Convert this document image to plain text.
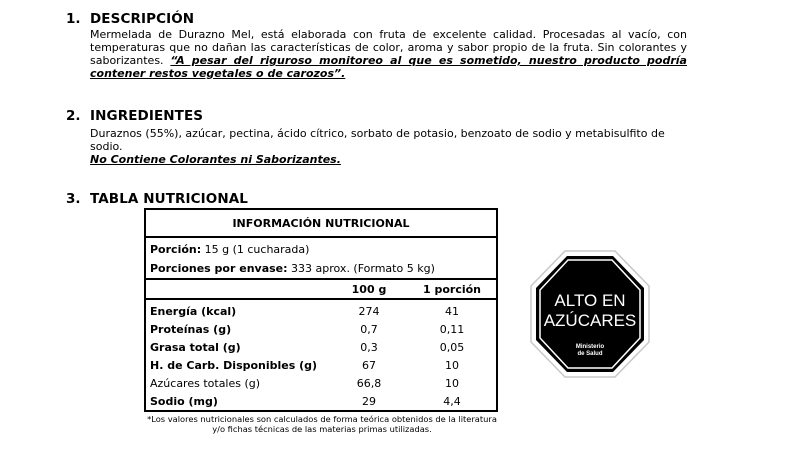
1. DESCRIPCIÓN
Mermelada de Durazno Mel, está elaborada con fruta de excelente calidad. Procesadas al vacío, con temperaturas que no dañan las características de color, aroma y sabor propio de la fruta. Sin colorantes y saborizantes. “A pesar del riguroso monitoreo al que es sometido, nuestro producto podría contener restos vegetales o de carozos”.
2. INGREDIENTES
Duraznos (55%), azúcar, pectina, ácido cítrico, sorbato de potasio, benzoato de sodio y metabisulfito de sodio.
No Contiene Colorantes ni Saborizantes.
3. TABLA NUTRICIONAL
INFORMACIÓN NUTRICIONAL
Porción: 15 g (1 cucharada)
Porciones por envase: 333 aprox. (Formato 5 kg)
100 g	1 porción
Energía (kcal)	274	41
Proteínas (g)	0,7	0,11
Grasa total (g)	0,3	0,05
H. de Carb. Disponibles (g)	67	10
Azúcares totales (g)	66,8	10
Sodio (mg)	29	4,4
*Los valores nutricionales son calculados de forma teórica obtenidos de la literatura
y/o fichas técnicas de las materias primas utilizadas.
ALTO EN
AZÚCARES
Ministerio
de Salud
